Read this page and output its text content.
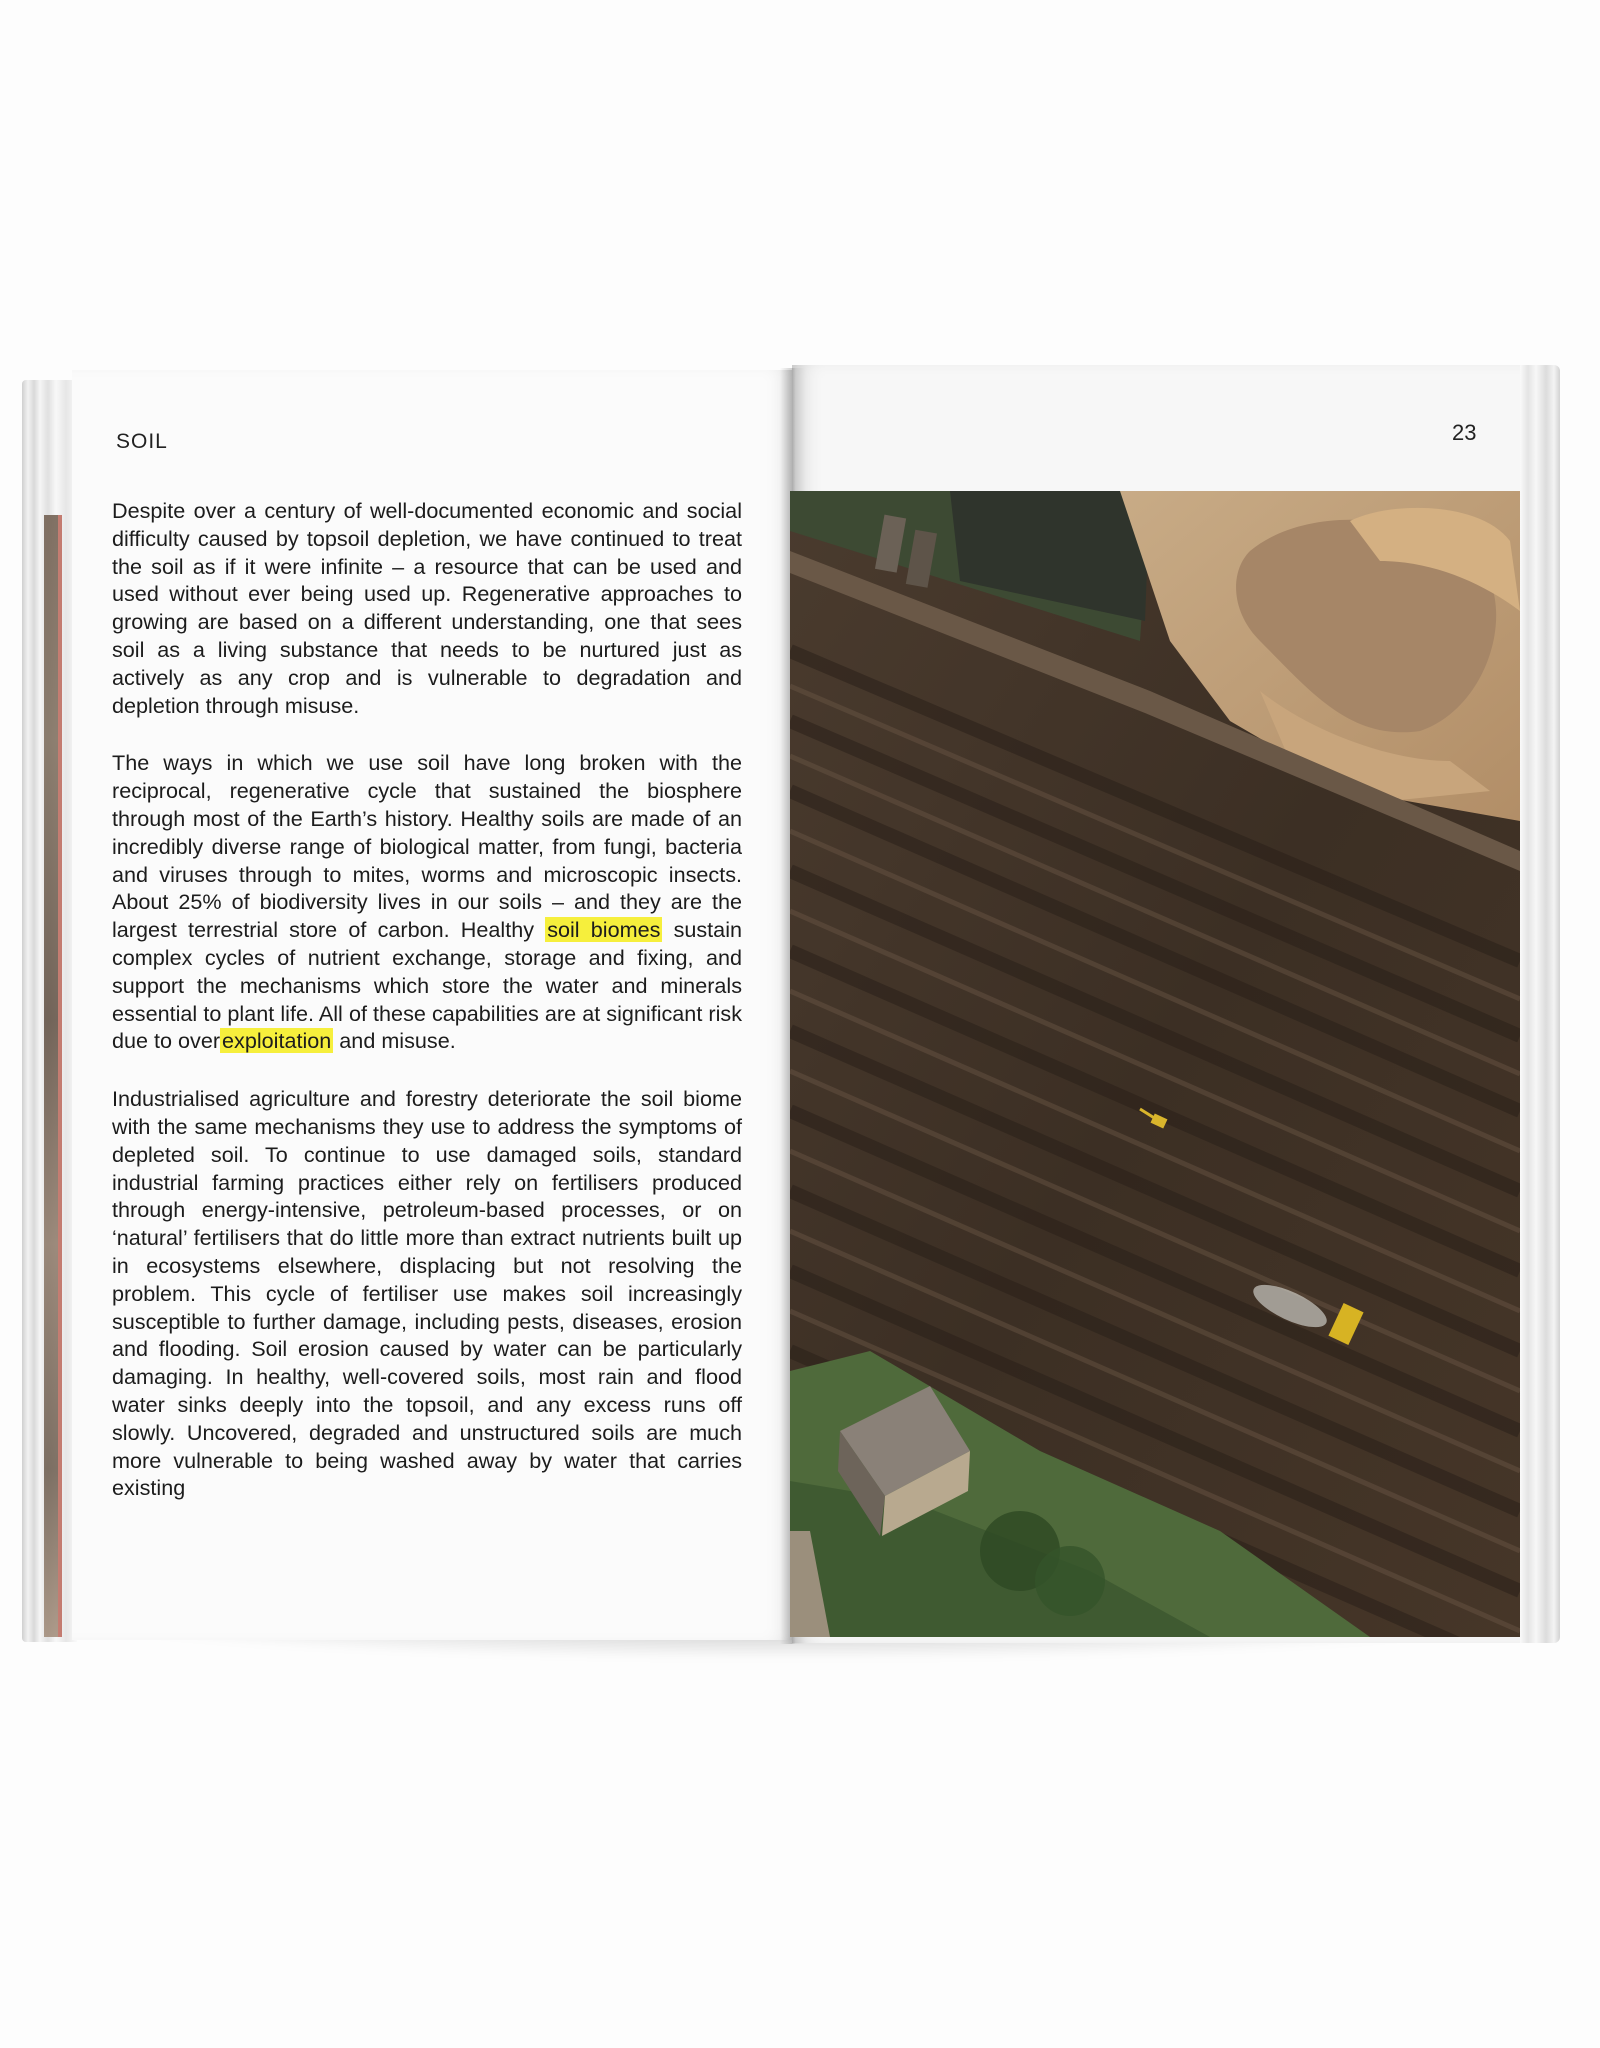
SOIL	23

Despite over a century of well-documented economic and social difficulty caused by topsoil depletion, we have continued to treat the soil as if it were infinite – a resource that can be used and used without ever being used up. Regenerative approaches to growing are based on a different understanding, one that sees soil as a living substance that needs to be nurtured just as actively as any crop and is vulnerable to degradation and depletion through misuse.

The ways in which we use soil have long broken with the reciprocal, regenerative cycle that sustained the biosphere through most of the Earth’s history. Healthy soils are made of an incredibly diverse range of biological matter, from fungi, bacteria and viruses through to mites, worms and microscopic insects. About 25% of biodiversity lives in our soils – and they are the largest terrestrial store of carbon. Healthy soil biomes sustain complex cycles of nutrient exchange, storage and fixing, and support the mechanisms which store the water and minerals essential to plant life. All of these capabilities are at significant risk due to overexploitation and misuse.

Industrialised agriculture and forestry deteriorate the soil biome with the same mechanisms they use to address the symptoms of depleted soil. To continue to use damaged soils, standard industrial farming practices either rely on fertilisers produced through energy-intensive, petroleum-based processes, or on ‘natural’ fertilisers that do little more than extract nutrients built up in ecosystems elsewhere, displacing but not resolving the problem. This cycle of fertiliser use makes soil increasingly susceptible to further damage, including pests, diseases, erosion and flooding. Soil erosion caused by water can be particularly damaging. In healthy, well-covered soils, most rain and flood water sinks deeply into the topsoil, and any excess runs off slowly. Uncovered, degraded and unstructured soils are much more vulnerable to being washed away by water that carries existing
